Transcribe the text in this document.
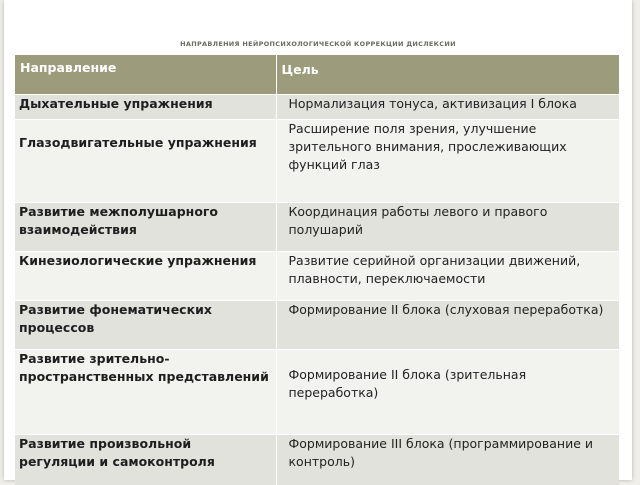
НАПРАВЛЕНИЯ НЕЙРОПСИХОЛОГИЧЕСКОЙ КОРРЕКЦИИ ДИСЛЕКСИИ
Направление	Цель
Дыхательные упражнения	Нормализация тонуса, активизация I блока
Глазодвигательные упражнения	Расширение поля зрения, улучшение зрительного внимания, прослеживающих функций глаз
Развитие межполушарного взаимодействия	Координация работы левого и правого полушарий
Кинезиологические упражнения	Развитие серийной организации движений, плавности, переключаемости
Развитие фонематических процессов	Формирование II блока (слуховая переработка)
Развитие зрительно-пространственных представлений	Формирование II блока (зрительная переработка)
Развитие произвольной регуляции и самоконтроля	Формирование III блока (программирование и контроль)
